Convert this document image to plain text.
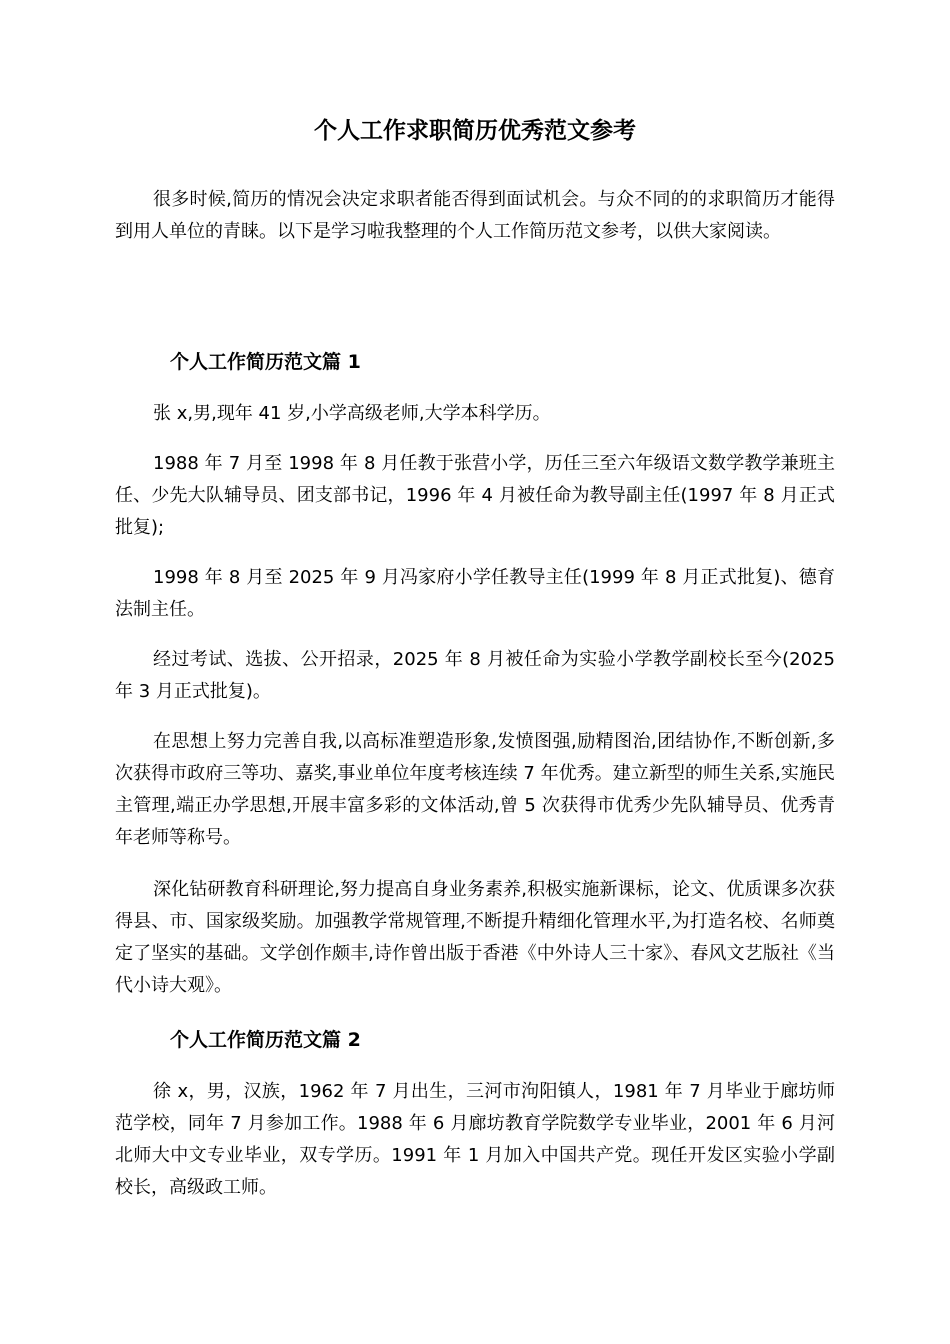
个人工作求职简历优秀范文参考

很多时候,简历的情况会决定求职者能否得到面试机会。与众不同的的求职简历才能得到用人单位的青睐。以下是学习啦我整理的个人工作简历范文参考，以供大家阅读。

个人工作简历范文篇 1

张 x,男,现年 41 岁,小学高级老师,大学本科学历。

1988 年 7 月至 1998 年 8 月任教于张营小学，历任三至六年级语文数学教学兼班主任、少先大队辅导员、团支部书记，1996 年 4 月被任命为教导副主任(1997 年 8 月正式批复);

1998 年 8 月至 2025 年 9 月冯家府小学任教导主任(1999 年 8 月正式批复)、德育法制主任。

经过考试、选拔、公开招录，2025 年 8 月被任命为实验小学教学副校长至今(2025 年 3 月正式批复)。

在思想上努力完善自我,以高标准塑造形象,发愤图强,励精图治,团结协作,不断创新,多次获得市政府三等功、嘉奖,事业单位年度考核连续 7 年优秀。建立新型的师生关系,实施民主管理,端正办学思想,开展丰富多彩的文体活动,曾 5 次获得市优秀少先队辅导员、优秀青年老师等称号。

深化钻研教育科研理论,努力提高自身业务素养,积极实施新课标，论文、优质课多次获得县、市、国家级奖励。加强教学常规管理,不断提升精细化管理水平,为打造名校、名师奠定了坚实的基础。文学创作颇丰,诗作曾出版于香港《中外诗人三十家》、春风文艺版社《当代小诗大观》。

个人工作简历范文篇 2

徐 x，男，汉族，1962 年 7 月出生，三河市泃阳镇人，1981 年 7 月毕业于廊坊师范学校，同年 7 月参加工作。1988 年 6 月廊坊教育学院数学专业毕业，2001 年 6 月河北师大中文专业毕业，双专学历。1991 年 1 月加入中国共产党。现任开发区实验小学副校长，高级政工师。
